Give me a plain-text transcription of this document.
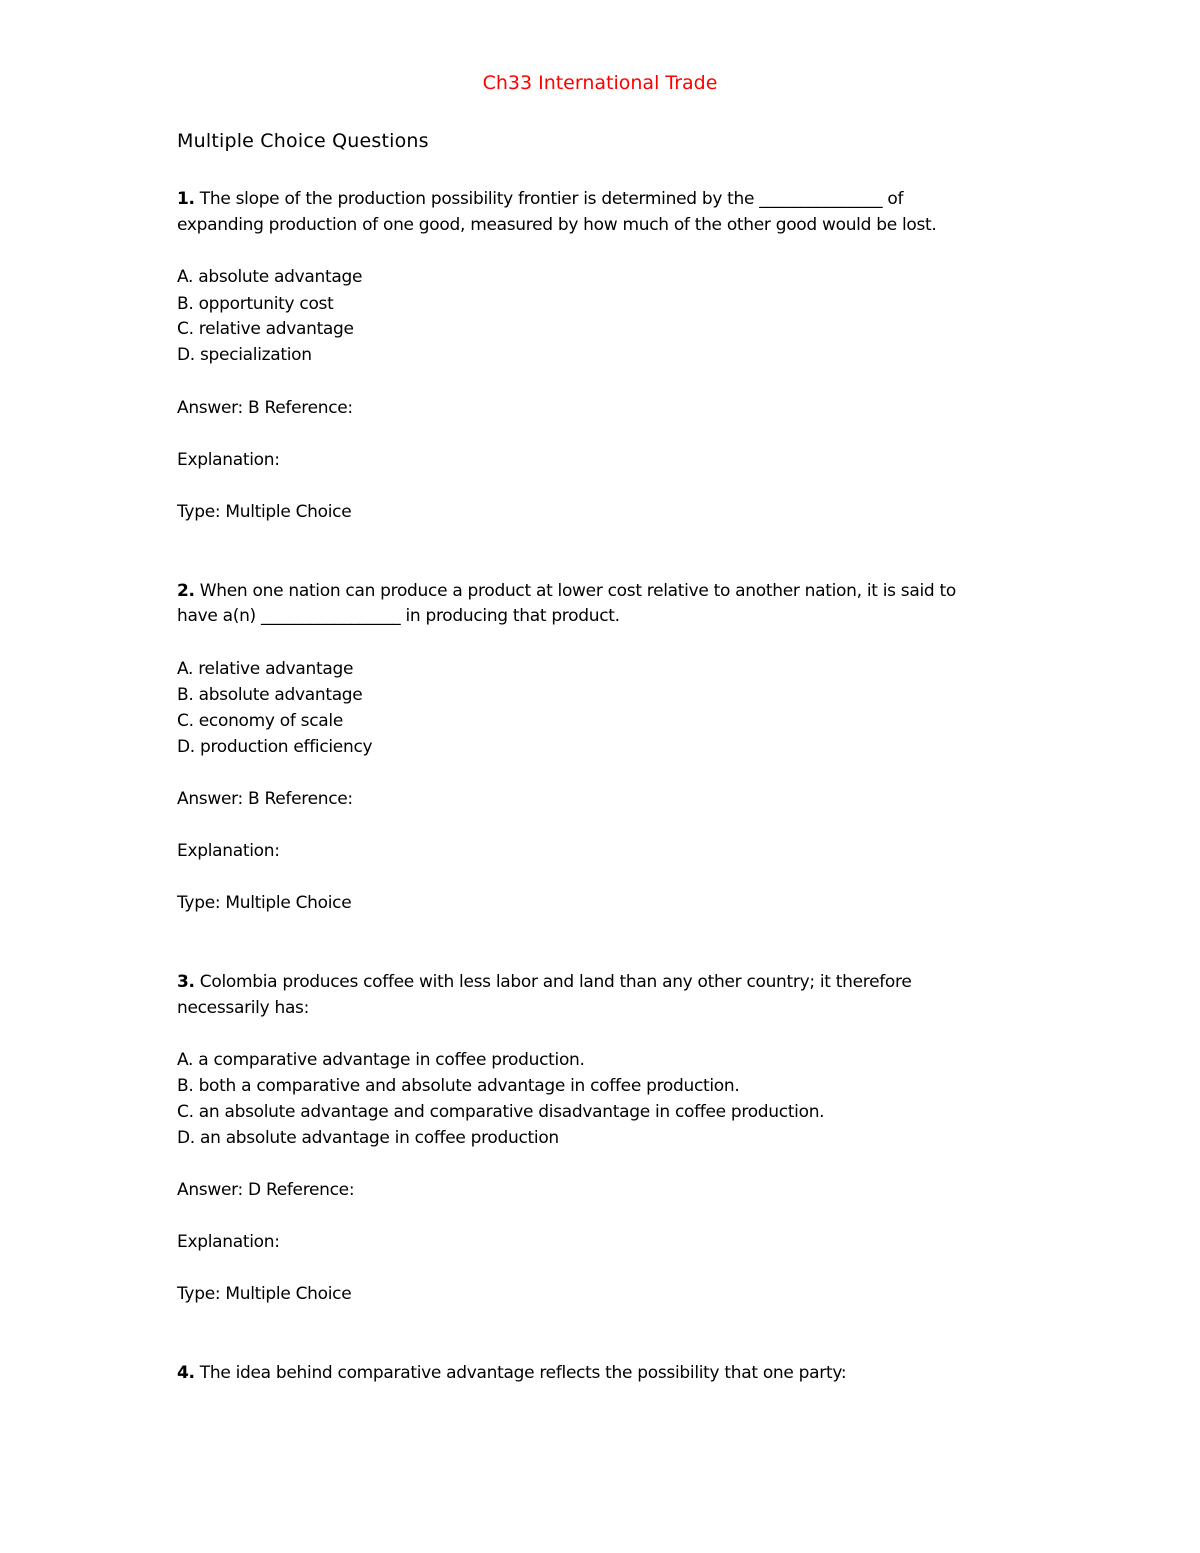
Ch33 International Trade
Multiple Choice Questions

1. The slope of the production possibility frontier is determined by the _______________ of

expanding production of one good, measured by how much of the other good would be lost.

A. absolute advantage

B. opportunity cost

C. relative advantage

D. specialization

Answer: B Reference:

Explanation:

Type: Multiple Choice

2. When one nation can produce a product at lower cost relative to another nation, it is said to

have a(n) _________________ in producing that product.

A. relative advantage

B. absolute advantage

C. economy of scale

D. production efficiency

Answer: B Reference:

Explanation:

Type: Multiple Choice

3. Colombia produces coffee with less labor and land than any other country; it therefore

necessarily has:

A. a comparative advantage in coffee production.

B. both a comparative and absolute advantage in coffee production.

C. an absolute advantage and comparative disadvantage in coffee production.

D. an absolute advantage in coffee production

Answer: D Reference:

Explanation:

Type: Multiple Choice

4. The idea behind comparative advantage reflects the possibility that one party:
